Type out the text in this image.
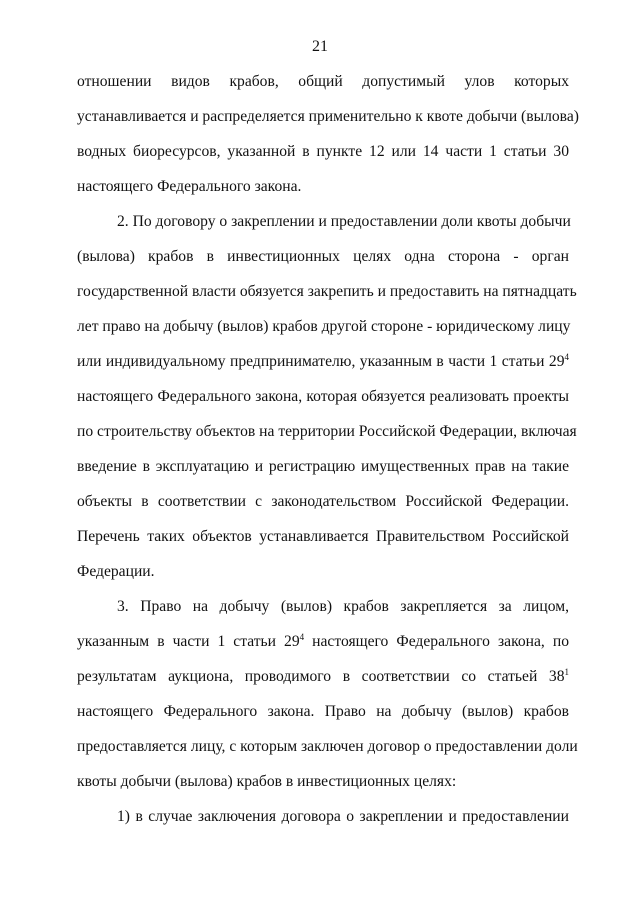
21
отношении видов крабов, общий допустимый улов которых
устанавливается и распределяется применительно к квоте добычи (вылова)
водных биоресурсов, указанной в пункте 12 или 14 части 1 статьи 30
настоящего Федерального закона.
2. По договору о закреплении и предоставлении доли квоты добычи
(вылова) крабов в инвестиционных целях одна сторона - орган
государственной власти обязуется закрепить и предоставить на пятнадцать
лет право на добычу (вылов) крабов другой стороне - юридическому лицу
или индивидуальному предпринимателю, указанным в части 1 статьи $29^4$
настоящего Федерального закона, которая обязуется реализовать проекты
по строительству объектов на территории Российской Федерации, включая
введение в эксплуатацию и регистрацию имущественных прав на такие
объекты в соответствии с законодательством Российской Федерации.
Перечень таких объектов устанавливается Правительством Российской
Федерации.
3. Право на добычу (вылов) крабов закрепляется за лицом,
указанным в части 1 статьи $29^4$ настоящего Федерального закона, по
результатам аукциона, проводимого в соответствии со статьей $38^1$
настоящего Федерального закона. Право на добычу (вылов) крабов
предоставляется лицу, с которым заключен договор о предоставлении доли
квоты добычи (вылова) крабов в инвестиционных целях:
1) в случае заключения договора о закреплении и предоставлении
